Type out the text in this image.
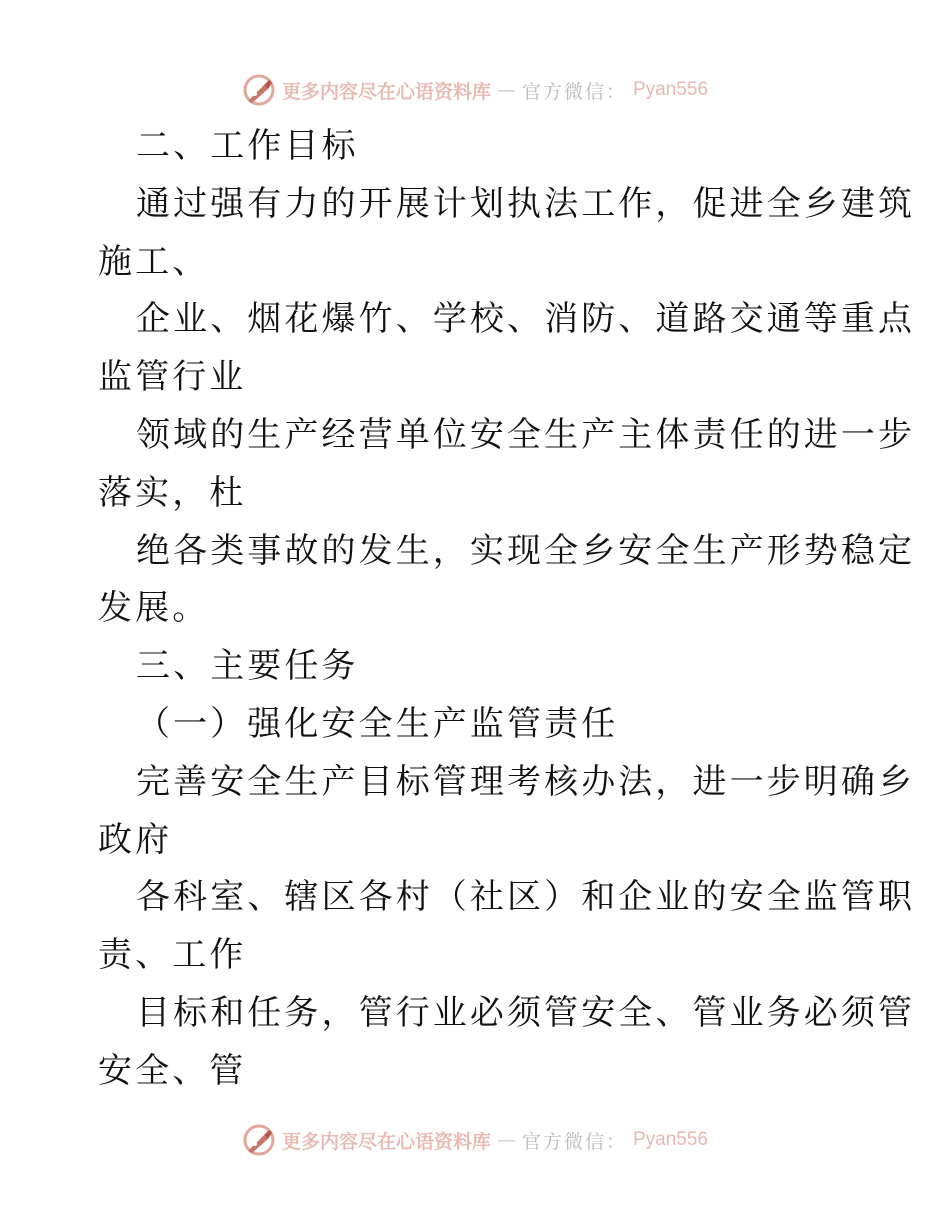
更多内容尽在心语资料库 — 官方微信： Pyan556
二、工作目标
通过强有力的开展计划执法工作，促进全乡建筑
施工、
企业、烟花爆竹、学校、消防、道路交通等重点
监管行业
领域的生产经营单位安全生产主体责任的进一步
落实，杜
绝各类事故的发生，实现全乡安全生产形势稳定
发展。
三、主要任务
（一）强化安全生产监管责任
完善安全生产目标管理考核办法，进一步明确乡
政府
各科室、辖区各村（社区）和企业的安全监管职
责、工作
目标和任务，管行业必须管安全、管业务必须管
安全、管
更多内容尽在心语资料库 — 官方微信： Pyan556
